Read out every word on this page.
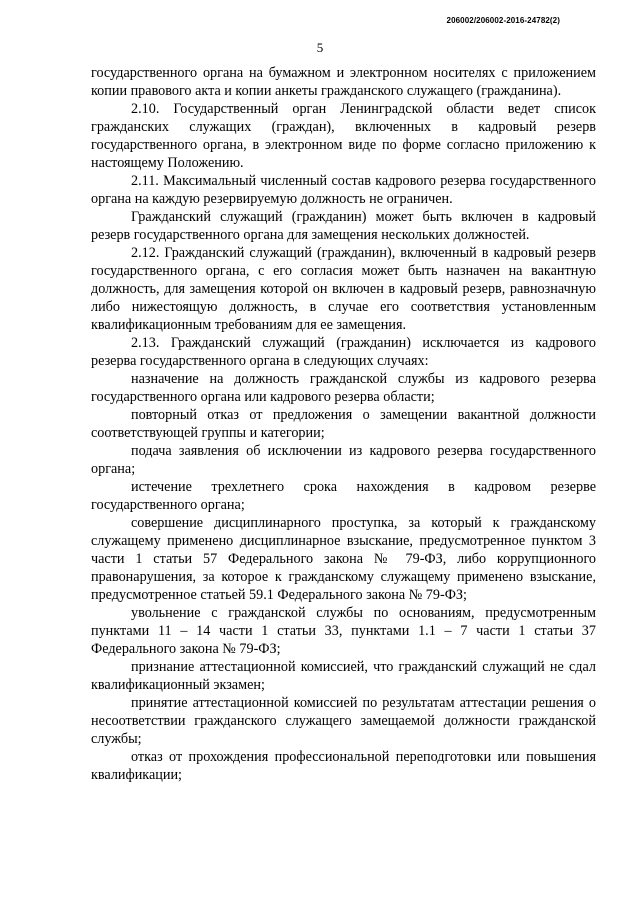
206002/206002-2016-24782(2)
5

государственного органа на бумажном и электронном носителях с приложением копии правового акта и копии анкеты гражданского служащего (гражданина).

2.10. Государственный орган Ленинградской области ведет список гражданских служащих (граждан), включенных в кадровый резерв государственного органа, в электронном виде по форме согласно приложению к настоящему Положению.

2.11. Максимальный численный состав кадрового резерва государственного органа на каждую резервируемую должность не ограничен.

Гражданский служащий (гражданин) может быть включен в кадровый резерв государственного органа для замещения нескольких должностей.

2.12. Гражданский служащий (гражданин), включенный в кадровый резерв государственного органа, с его согласия может быть назначен на вакантную должность, для замещения которой он включен в кадровый резерв, равнозначную либо нижестоящую должность, в случае его соответствия установленным квалификационным требованиям для ее замещения.

2.13. Гражданский служащий (гражданин) исключается из кадрового резерва государственного органа в следующих случаях:

назначение на должность гражданской службы из кадрового резерва государственного органа или кадрового резерва области;

повторный отказ от предложения о замещении вакантной должности соответствующей группы и категории;

подача заявления об исключении из кадрового резерва государственного органа;

истечение трехлетнего срока нахождения в кадровом резерве государственного органа;

совершение дисциплинарного проступка, за который к гражданскому служащему применено дисциплинарное взыскание, предусмотренное пунктом 3 части 1 статьи 57 Федерального закона № 79-ФЗ, либо коррупционного правонарушения, за которое к гражданскому служащему применено взыскание, предусмотренное статьей 59.1 Федерального закона № 79-ФЗ;

увольнение с гражданской службы по основаниям, предусмотренным пунктами 11 – 14 части 1 статьи 33, пунктами 1.1 – 7 части 1 статьи 37 Федерального закона № 79-ФЗ;

признание аттестационной комиссией, что гражданский служащий не сдал квалификационный экзамен;

принятие аттестационной комиссией по результатам аттестации решения о несоответствии гражданского служащего замещаемой должности гражданской службы;

отказ от прохождения профессиональной переподготовки или повышения квалификации;
